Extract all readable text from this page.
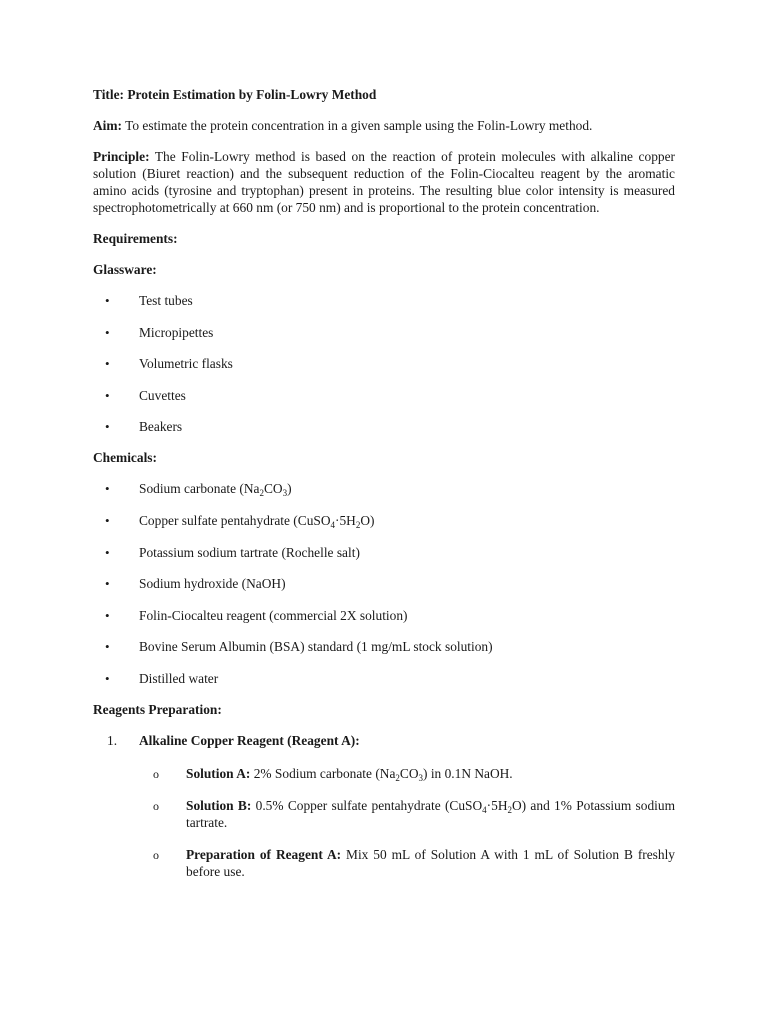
Title: Protein Estimation by Folin-Lowry Method

Aim: To estimate the protein concentration in a given sample using the Folin-Lowry method.

Principle: The Folin-Lowry method is based on the reaction of protein molecules with alkaline copper solution (Biuret reaction) and the subsequent reduction of the Folin-Ciocalteu reagent by the aromatic amino acids (tyrosine and tryptophan) present in proteins. The resulting blue color intensity is measured spectrophotometrically at 660 nm (or 750 nm) and is proportional to the protein concentration.

Requirements:

Glassware:

• Test tubes
• Micropipettes
• Volumetric flasks
• Cuvettes
• Beakers

Chemicals:

• Sodium carbonate $(Na_2CO_3)$
• Copper sulfate pentahydrate $(CuSO_4\cdot 5H_2O)$
• Potassium sodium tartrate (Rochelle salt)
• Sodium hydroxide (NaOH)
• Folin-Ciocalteu reagent (commercial 2X solution)
• Bovine Serum Albumin (BSA) standard (1 mg/mL stock solution)
• Distilled water

Reagents Preparation:

1. Alkaline Copper Reagent (Reagent A):

o Solution A: 2% Sodium carbonate $(Na_2CO_3)$ in 0.1N NaOH.
o Solution B: 0.5% Copper sulfate pentahydrate $(CuSO_4\cdot 5H_2O)$ and 1% Potassium sodium tartrate.
o Preparation of Reagent A: Mix 50 mL of Solution A with 1 mL of Solution B freshly before use.
